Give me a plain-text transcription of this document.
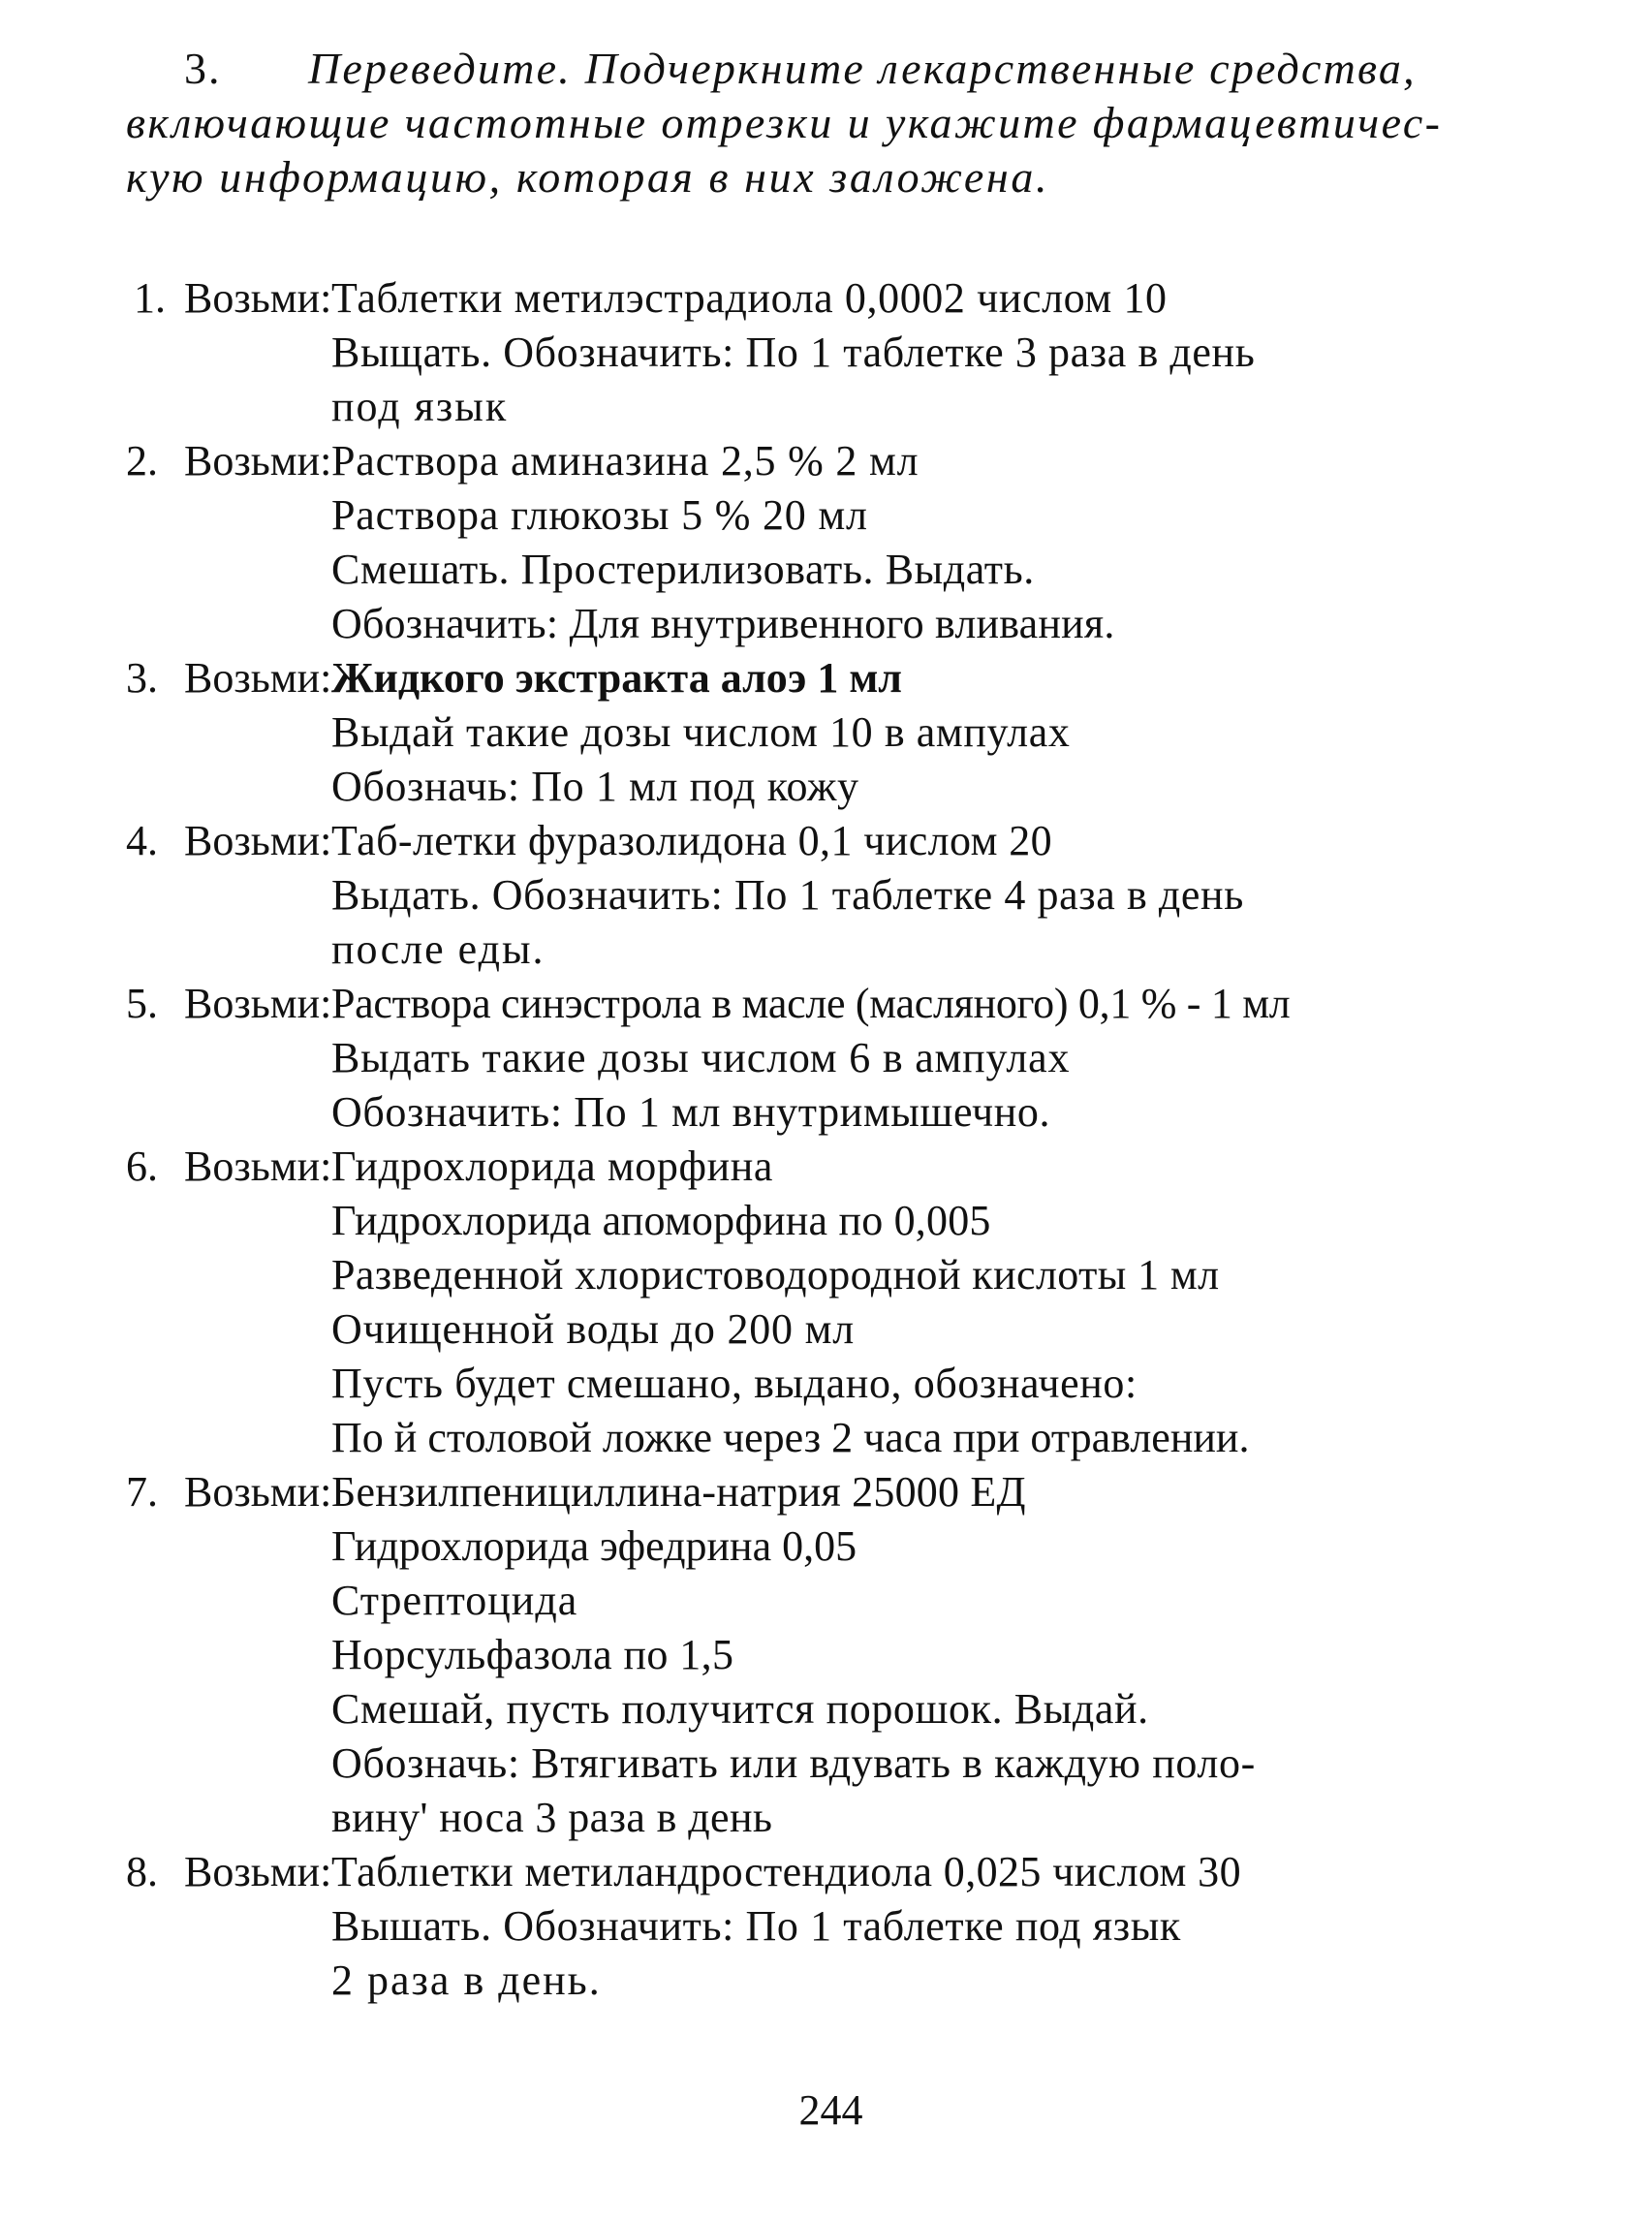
3. Переведите. Подчеркните лекарственные средства,
включающие частотные отрезки и укажите фармацевтичес-
кую информацию, которая в них заложена.
1. Возьми: Таблетки метилэстрадиола 0,0002 числом 10
Выщать. Обозначить: По 1 таблетке 3 раза в день
под язык
2. Возьми: Раствора аминазина 2,5 % 2 мл
Раствора глюкозы 5 % 20 мл
Смешать. Простерилизовать. Выдать.
Обозначить: Для внутривенного вливания.
3. Возьми: Жидкого экстракта алоэ 1 мл
Выдай такие дозы числом 10 в ампулах
Обозначь: По 1 мл под кожу
4. Возьми: Таб-летки фуразолидона 0,1 числом 20
Выдать. Обозначить: По 1 таблетке 4 раза в день
после еды.
5. Возьми: Раствора синэстрола в масле (масляного) 0,1 % - 1 мл
Выдать такие дозы числом 6 в ампулах
Обозначить: По 1 мл внутримышечно.
6. Возьми: Гидрохлорида морфина
Гидрохлорида апоморфина по 0,005
Разведенной хлористоводородной кислоты 1 мл
Очищенной воды до 200 мл
Пусть будет смешано, выдано, обозначено:
По й столовой ложке через 2 часа при отравлении.
7. Возьми: Бензилпенициллина-натрия 25000 ЕД
Гидрохлорида эфедрина 0,05
Стрептоцида
Норсульфазола по 1,5
Смешай, пусть получится порошок. Выдай.
Обозначь: Втягивать или вдувать в каждую поло-
вину' носа 3 раза в день
8. Возьми: Таблıетки метиландростендиола 0,025 числом 30
Вышать. Обозначить: По 1 таблетке под язык
2 раза в день.
244
